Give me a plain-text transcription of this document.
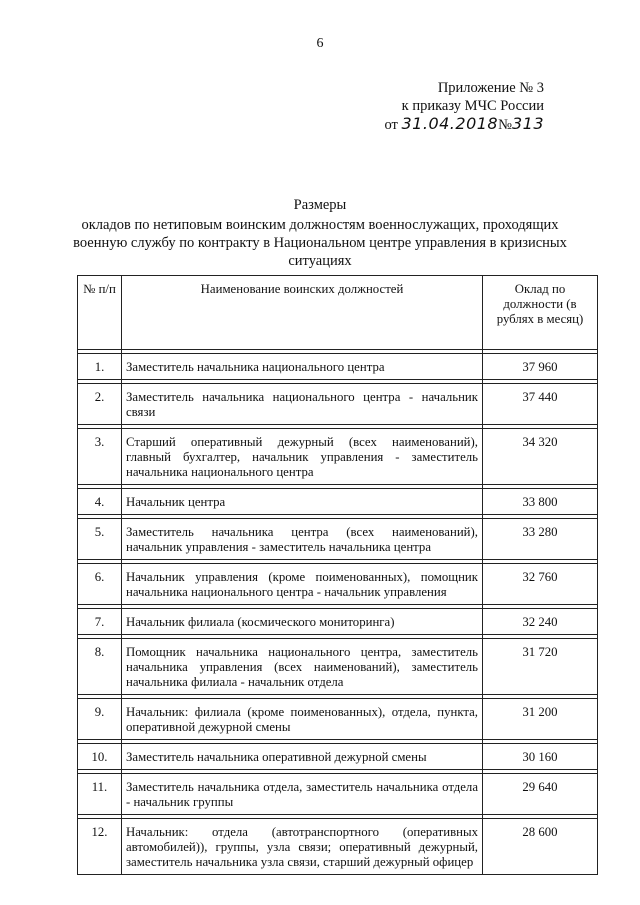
6
Приложение № 3
к приказу МЧС России
от 31.04.2018№313
Размеры
окладов по нетиповым воинским должностям военнослужащих, проходящих военную службу по контракту в Национальном центре управления в кризисных ситуациях
№ п/п	Наименование воинских должностей	Оклад по должности (в рублях в месяц)

1.	Заместитель начальника национального центра	37 960

2.	Заместитель начальника национального центра - начальник связи	37 440

3.	Старший оперативный дежурный (всех наименований), главный бухгалтер, начальник управления - заместитель начальника национального центра	34 320

4.	Начальник центра	33 800

5.	Заместитель начальника центра (всех наименований), начальник управления - заместитель начальника центра	33 280

6.	Начальник управления (кроме поименованных), помощник начальника национального центра - начальник управления	32 760

7.	Начальник филиала (космического мониторинга)	32 240

8.	Помощник начальника национального центра, заместитель начальника управления (всех наименований), заместитель начальника филиала - начальник отдела	31 720

9.	Начальник: филиала (кроме поименованных), отдела, пункта, оперативной дежурной смены	31 200

10.	Заместитель начальника оперативной дежурной смены	30 160

11.	Заместитель начальника отдела, заместитель начальника отдела - начальник группы	29 640

12.	Начальник: отдела (автотранспортного (оперативных автомобилей)), группы, узла связи; оперативный дежурный, заместитель начальника узла связи, старший дежурный офицер	28 600
